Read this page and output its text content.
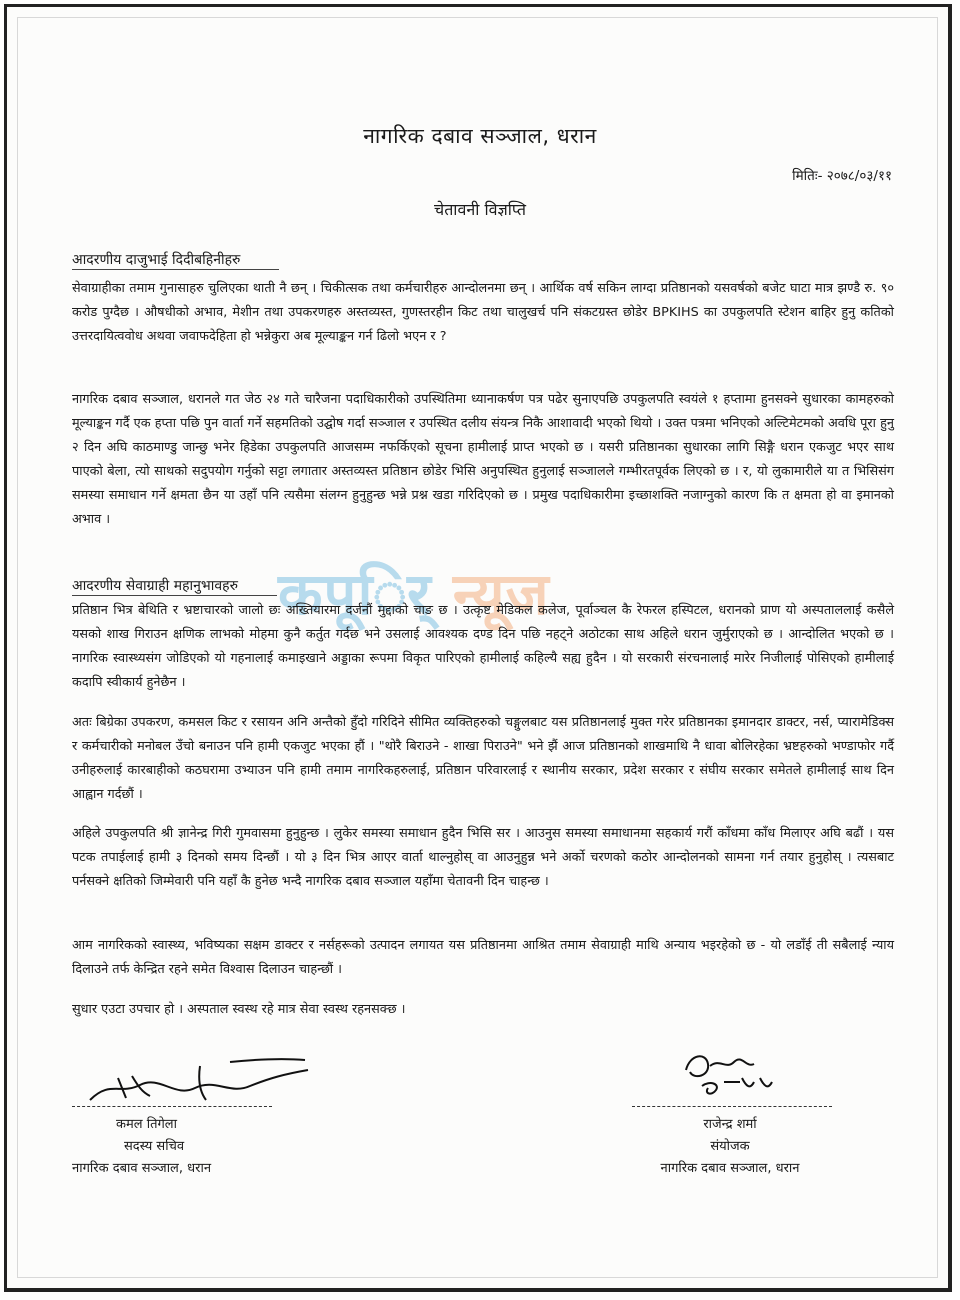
नागरिक दबाव सञ्जाल, धरान
मितिः- २०७८/०३/११
चेतावनी विज्ञप्ति
आदरणीय दाजुभाई दिदीबहिनीहरु
सेवाग्राहीका तमाम गुनासाहरु चुलिएका थाती नै छन् । चिकीत्सक तथा कर्मचारीहरु आन्दोलनमा छन् । आर्थिक वर्ष सकिन लाग्दा प्रतिष्ठानको यसवर्षको बजेट घाटा मात्र झण्डै रु. ९० करोड पुग्दैछ । औषधीको अभाव, मेशीन तथा उपकरणहरु अस्तव्यस्त, गुणस्तरहीन किट तथा चालुखर्च पनि संकटग्रस्त छोडेर BPKIHS का उपकुलपति स्टेशन बाहिर हुनु कतिको उत्तरदायित्ववोध अथवा जवाफदेहिता हो भन्नेकुरा अब मूल्याङ्कन गर्न ढिलो भएन र ?
नागरिक दबाव सञ्जाल, धरानले गत जेठ २४ गते चारैजना पदाधिकारीको उपस्थितिमा ध्यानाकर्षण पत्र पढेर सुनाएपछि उपकुलपति स्वयंले १ हप्तामा हुनसक्ने सुधारका कामहरुको मूल्याङ्कन गर्दै एक हप्ता पछि पुन वार्ता गर्ने सहमतिको उद्घोष गर्दा सञ्जाल र उपस्थित दलीय संयन्त्र निकै आशावादी भएको थियो । उक्त पत्रमा भनिएको अल्टिमेटमको अवधि पूरा हुनु २ दिन अघि काठमाण्डु जान्छु भनेर हिडेका उपकुलपति आजसम्म नफर्किएको सूचना हामीलाई प्राप्त भएको छ । यसरी प्रतिष्ठानका सुधारका लागि सिङ्गै धरान एकजुट भएर साथ पाएको बेला, त्यो साथको सदुपयोग गर्नुको सट्टा लगातार अस्तव्यस्त प्रतिष्ठान छोडेर भिसि अनुपस्थित हुनुलाई सञ्जालले गम्भीरतपूर्वक लिएको छ । र, यो लुकामारीले या त भिसिसंग समस्या समाधान गर्ने क्षमता छैन या उहाँ पनि त्यसैमा संलग्न हुनुहुन्छ भन्ने प्रश्न खडा गरिदिएको छ । प्रमुख पदाधिकारीमा इच्छाशक्ति नजाग्नुको कारण कि त क्षमता हो वा इमानको अभाव ।
आदरणीय सेवाग्राही महानुभावहरु कपूर्ि न्यूज
प्रतिष्ठान भित्र बेथिति र भ्रष्टाचारको जालो छः अख्तियारमा दर्जनौं मुद्दाको चाङ छ । उत्कृष्ट मेडिकल कलेज, पूर्वाञ्चल कै रेफरल हस्पिटल, धरानको प्राण यो अस्पताललाई कसैले यसको शाख गिराउन क्षणिक लाभको मोहमा कुनै कर्तुत गर्दछ भने उसलाई आवश्यक दण्ड दिन पछि नहट्ने अठोटका साथ अहिले धरान जुर्मुराएको छ । आन्दोलित भएको छ । नागरिक स्वास्थ्यसंग जोडिएको यो गहनालाई कमाइखाने अड्डाका रूपमा विकृत पारिएको हामीलाई कहिल्यै सह्य हुदैन । यो सरकारी संरचनालाई मारेर निजीलाई पोसिएको हामीलाई कदापि स्वीकार्य हुनेछैन ।
अतः बिग्रेका उपकरण, कमसल किट र रसायन अनि अन्तैको हुँदो गरिदिने सीमित व्यक्तिहरुको चङ्गुलबाट यस प्रतिष्ठानलाई मुक्त गरेर प्रतिष्ठानका इमानदार डाक्टर, नर्स, प्यारामेडिक्स र कर्मचारीको मनोबल उँचो बनाउन पनि हामी एकजुट भएका हौं । "थोरै बिराउने - शाखा पिराउने" भने झैं आज प्रतिष्ठानको शाखमाथि नै धावा बोलिरहेका भ्रष्टहरुको भण्डाफोर गर्दै उनीहरुलाई कारबाहीको कठघरामा उभ्याउन पनि हामी तमाम नागरिकहरुलाई, प्रतिष्ठान परिवारलाई र स्थानीय सरकार, प्रदेश सरकार र संघीय सरकार समेतले हामीलाई साथ दिन आह्वान गर्दछौं ।
अहिले उपकुलपति श्री ज्ञानेन्द्र गिरी गुमवासमा हुनुहुन्छ । लुकेर समस्या समाधान हुदैन भिसि सर । आउनुस समस्या समाधानमा सहकार्य गरौं काँधमा काँध मिलाएर अघि बढौं । यस पटक तपाईलाई हामी ३ दिनको समय दिन्छौं । यो ३ दिन भित्र आएर वार्ता थाल्नुहोस् वा आउनुहुन्न भने अर्को चरणको कठोर आन्दोलनको सामना गर्न तयार हुनुहोस् । त्यसबाट पर्नसक्ने क्षतिको जिम्मेवारी पनि यहाँ कै हुनेछ भन्दै नागरिक दबाव सञ्जाल यहाँमा चेतावनी दिन चाहन्छ ।
आम नागरिकको स्वास्थ्य, भविष्यका सक्षम डाक्टर र नर्सहरूको उत्पादन लगायत यस प्रतिष्ठानमा आश्रित तमाम सेवाग्राही माथि अन्याय भइरहेको छ - यो लडाँई ती सबैलाई न्याय दिलाउने तर्फ केन्द्रित रहने समेत विश्वास दिलाउन चाहन्छौं ।
सुधार एउटा उपचार हो । अस्पताल स्वस्थ रहे मात्र सेवा स्वस्थ रहनसक्छ ।
कमल तिगेला
सदस्य सचिव
नागरिक दबाव सञ्जाल, धरान
राजेन्द्र शर्मा
संयोजक
नागरिक दबाव सञ्जाल, धरान
